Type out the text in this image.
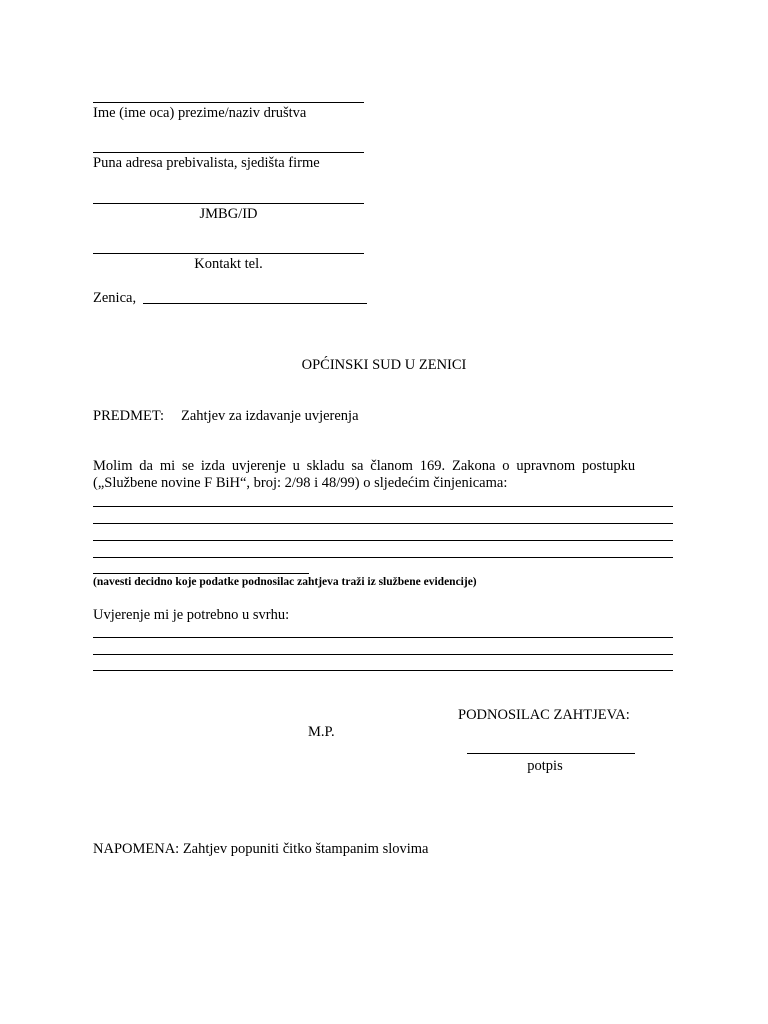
Ime (ime oca) prezime/naziv društva
Puna adresa prebivalista, sjedišta firme
JMBG/ID
Kontakt tel.
Zenica,
OPĆINSKI SUD U ZENICI
PREDMET: Zahtjev za izdavanje uvjerenja
Molim da mi se izda uvjerenje u skladu sa članom 169. Zakona o upravnom postupku
(„Službene novine F BiH“, broj: 2/98 i 48/99) o sljedećim činjenicama:
(navesti decidno koje podatke podnosilac zahtjeva traži iz službene evidencije)
Uvjerenje mi je potrebno u svrhu:
PODNOSILAC ZAHTJEVA:
M.P.
potpis
NAPOMENA: Zahtjev popuniti čitko štampanim slovima
